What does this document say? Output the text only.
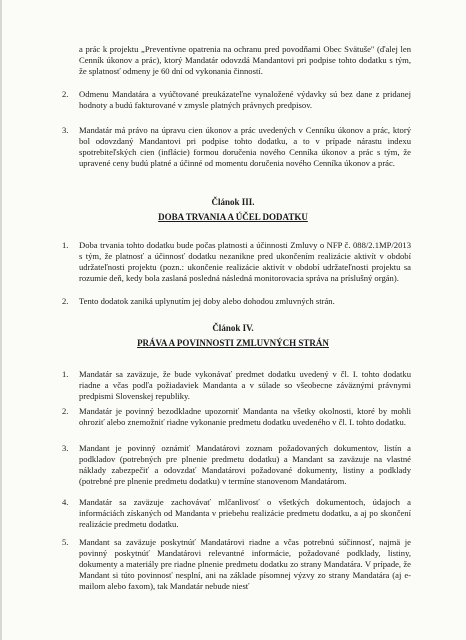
a prác k projektu „Preventívne opatrenia na ochranu pred povodňami Obec Svätuše" (ďalej len Cenník úkonov a prác), ktorý Mandatár odovzdá Mandantovi pri podpise tohto dodatku s tým, že splatnosť odmeny je 60 dní od vykonania činností.
2. Odmenu Mandatára a vyúčtované preukázateľne vynaložené výdavky sú bez dane z pridanej hodnoty a budú fakturované v zmysle platných právnych predpisov.
3. Mandatár má právo na úpravu cien úkonov a prác uvedených v Cenníku úkonov a prác, ktorý bol odovzdaný Mandantovi pri podpise tohto dodatku, a to v prípade nárastu indexu spotrebiteľských cien (inflácie) formou doručenia nového Cenníka úkonov a prác s tým, že upravené ceny budú platné a účinné od momentu doručenia nového Cenníka úkonov a prác.
Článok III.
DOBA TRVANIA A ÚČEL DODATKU
1. Doba trvania tohto dodatku bude počas platnosti a účinnosti Zmluvy o NFP č. 088/2.1MP/2013 s tým, že platnosť a účinnosť dodatku nezanikne pred ukončením realizácie aktivít v období udržateľnosti projektu (pozn.: ukončenie realizácie aktivít v období udržateľnosti projektu sa rozumie deň, kedy bola zaslaná posledná následná monitorovacia správa na príslušný orgán).
2. Tento dodatok zaniká uplynutím jej doby alebo dohodou zmluvných strán.
Článok IV.
PRÁVA A POVINNOSTI ZMLUVNÝCH STRÁN
1. Mandatár sa zaväzuje, že bude vykonávať predmet dodatku uvedený v čl. I. tohto dodatku riadne a včas podľa požiadaviek Mandanta a v súlade so všeobecne záväznými právnymi predpismi Slovenskej republiky.
2. Mandatár je povinný bezodkladne upozorniť Mandanta na všetky okolnosti, ktoré by mohli ohroziť alebo znemožniť riadne vykonanie predmetu dodatku uvedeného v čl. I. tohto dodatku.
3. Mandant je povinný oznámiť Mandatárovi zoznam požadovaných dokumentov, listín a podkladov (potrebných pre plnenie predmetu dodatku) a Mandant sa zaväzuje na vlastné náklady zabezpečiť a odovzdať Mandatárovi požadované dokumenty, listiny a podklady (potrebné pre plnenie predmetu dodatku) v termíne stanovenom Mandatárom.
4. Mandatár sa zaväzuje zachovávať mlčanlivosť o všetkých dokumentoch, údajoch a informáciách získaných od Mandanta v priebehu realizácie predmetu dodatku, a aj po skončení realizácie predmetu dodatku.
5. Mandant sa zaväzuje poskytnúť Mandatárovi riadne a včas potrebnú súčinnosť, najmä je povinný poskytnúť Mandatárovi relevantné informácie, požadované podklady, listiny, dokumenty a materiály pre riadne plnenie predmetu dodatku zo strany Mandatára. V prípade, že Mandant si túto povinnosť nesplní, ani na základe písomnej výzvy zo strany Mandatára (aj e-mailom alebo faxom), tak Mandatár nebude niesť
